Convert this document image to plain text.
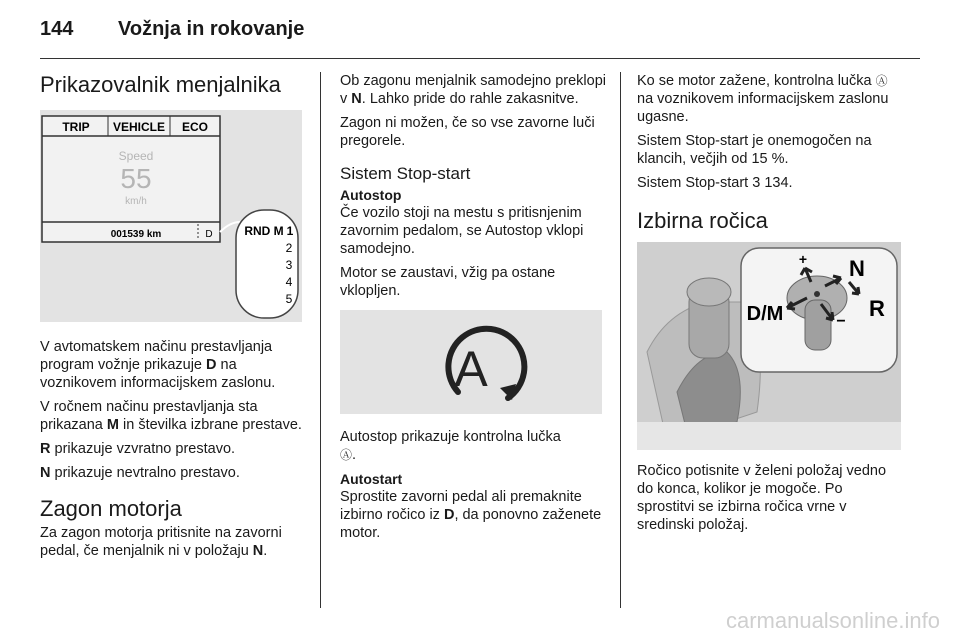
144 Vožnja in rokovanje
Prikazovalnik menjalnika
TRIP VEHICLE ECO
Speed
55
km/h
001539 km	D	RND M 1
2
3
4
5

V avtomatskem načinu prestavljanja program vožnje prikazuje D na voznikovem informacijskem zaslonu.

V ročnem načinu prestavljanja sta prikazana M in številka izbrane prestave.

R prikazuje vzvratno prestavo.

N prikazuje nevtralno prestavo.

Zagon motorja

Za zagon motorja pritisnite na zavorni pedal, če menjalnik ni v položaju N.

Ob zagonu menjalnik samodejno preklopi v N. Lahko pride do rahle zakasnitve.

Zagon ni možen, če so vse zavorne luči pregorele.

Sistem Stop-start
Autostop

Če vozilo stoji na mestu s pritisnjenim zavornim pedalom, se Autostop vklopi samodejno.

Motor se zaustavi, vžig pa ostane vklopljen.

A

Autostop prikazuje kontrolna lučka
Ⓐ.

Autostart

Sprostite zavorni pedal ali premaknite izbirno ročico iz D, da ponovno zaženete motor.

Ko se motor zažene, kontrolna lučka Ⓐ na voznikovem informacijskem zaslonu ugasne.

Sistem Stop-start je onemogočen na klancih, večjih od 15 %.

Sistem Stop-start 3 134.

Izbirna ročica
+
−
N
R
D/M

Ročico potisnite v želeni položaj vedno do konca, kolikor je mogoče. Po sprostitvi se izbirna ročica vrne v sredinski položaj.

carmanualsonline.info
